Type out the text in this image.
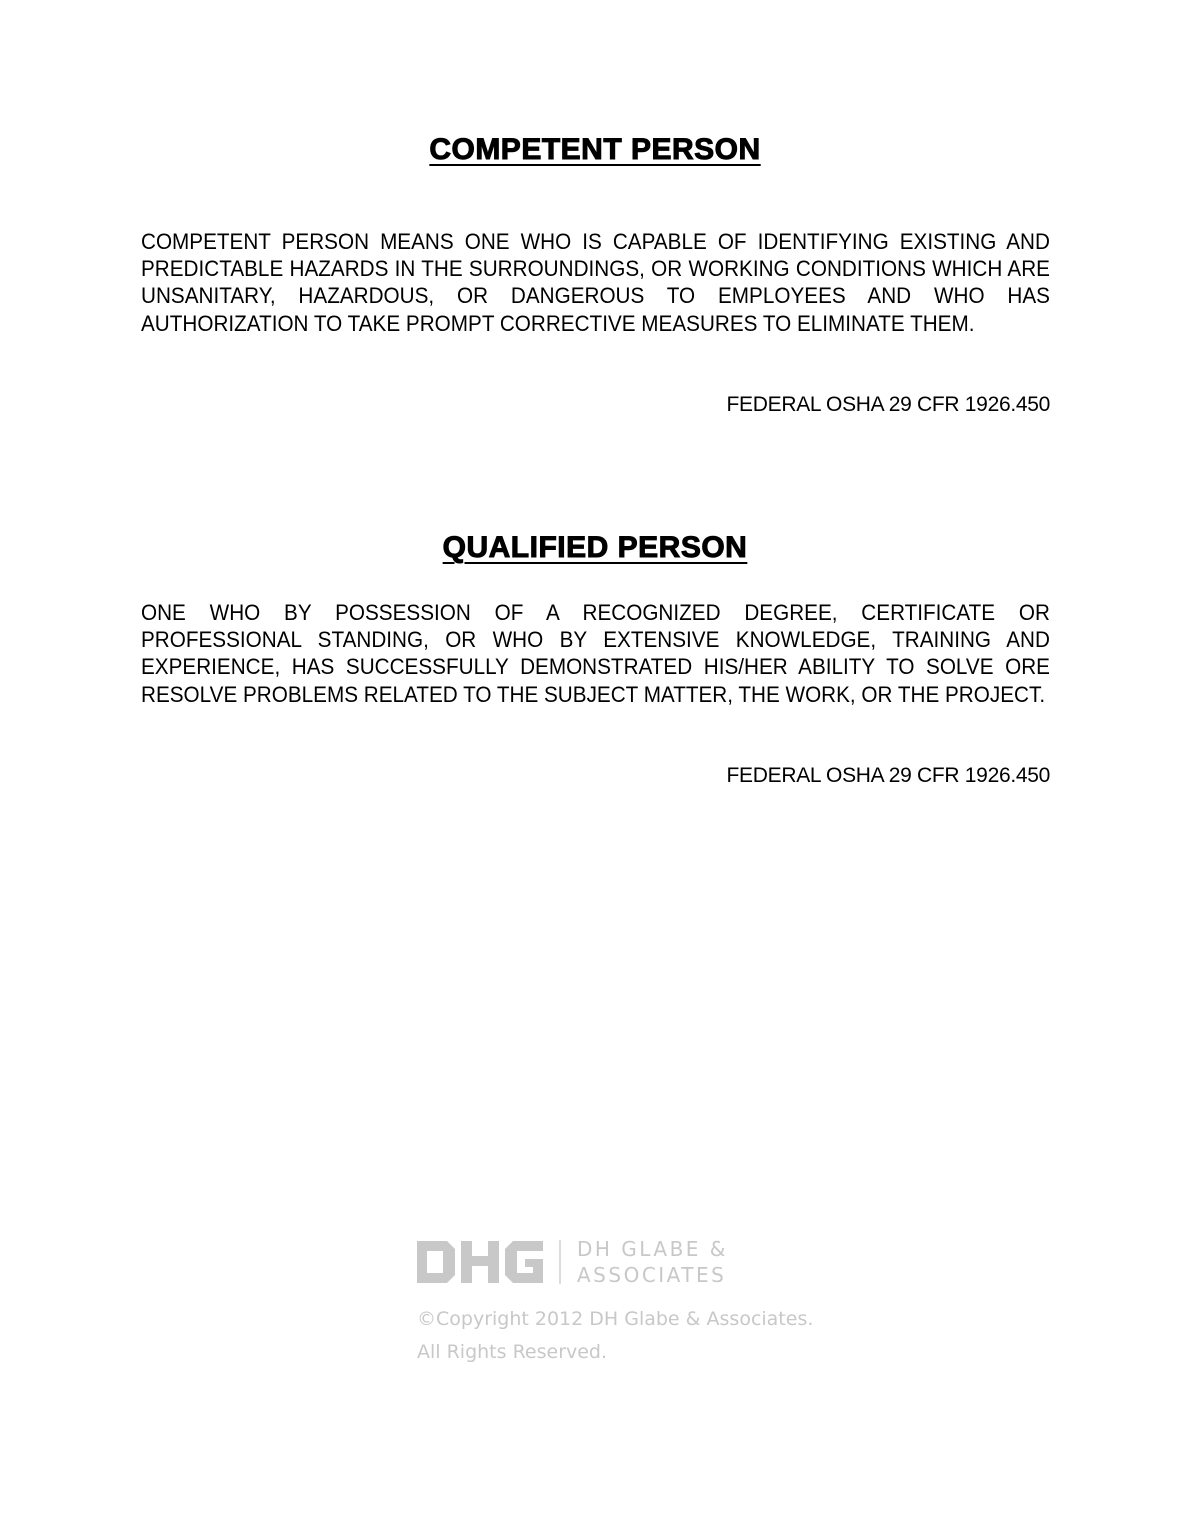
COMPETENT PERSON
COMPETENT PERSON MEANS ONE WHO IS CAPABLE OF IDENTIFYING EXISTING AND PREDICTABLE HAZARDS IN THE SURROUNDINGS, OR WORKING CONDITIONS WHICH ARE UNSANITARY, HAZARDOUS, OR DANGEROUS TO EMPLOYEES AND WHO HAS AUTHORIZATION TO TAKE PROMPT CORRECTIVE MEASURES TO ELIMINATE THEM.
FEDERAL OSHA 29 CFR 1926.450
QUALIFIED PERSON
ONE WHO BY POSSESSION OF A RECOGNIZED DEGREE, CERTIFICATE OR PROFESSIONAL STANDING, OR WHO BY EXTENSIVE KNOWLEDGE, TRAINING AND EXPERIENCE, HAS SUCCESSFULLY DEMONSTRATED HIS/HER ABILITY TO SOLVE ORE RESOLVE PROBLEMS RELATED TO THE SUBJECT MATTER, THE WORK, OR THE PROJECT.
FEDERAL OSHA 29 CFR 1926.450
DH GLABE &
ASSOCIATES
©Copyright 2012 DH Glabe & Associates.
All Rights Reserved.
